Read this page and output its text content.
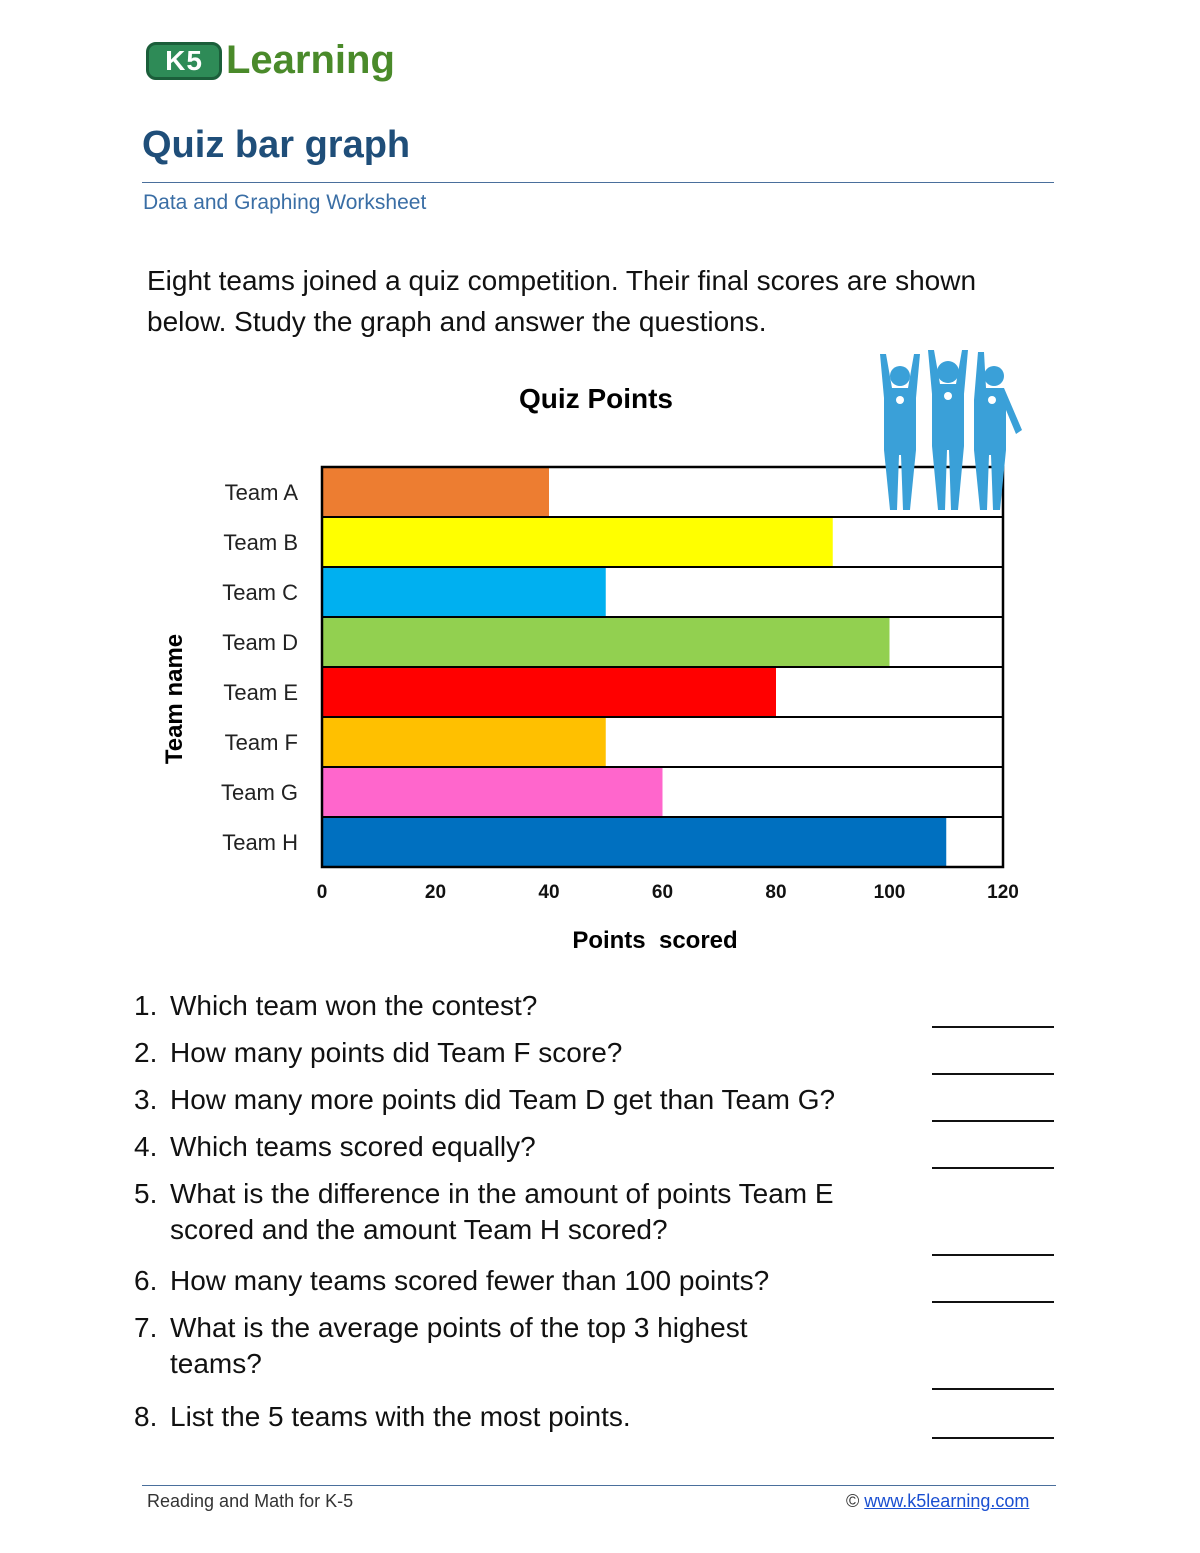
K5 Learning
Quiz bar graph
Data and Graphing Worksheet
Eight teams joined a quiz competition. Their final scores are shown below. Study the graph and answer the questions.
Quiz Points
Team name
Points  scored
Team A
Team B
Team C
Team D
Team E
Team F
Team G
Team H
0	20	40	60	80	100	120
1. Which team won the contest?
2. How many points did Team F score?
3. How many more points did Team D get than Team G?
4. Which teams scored equally?
5. What is the difference in the amount of points Team E
scored and the amount Team H scored?
6. How many teams scored fewer than 100 points?
7. What is the average points of the top 3 highest
teams?
8. List the 5 teams with the most points.
Reading and Math for K-5	© www.k5learning.com
